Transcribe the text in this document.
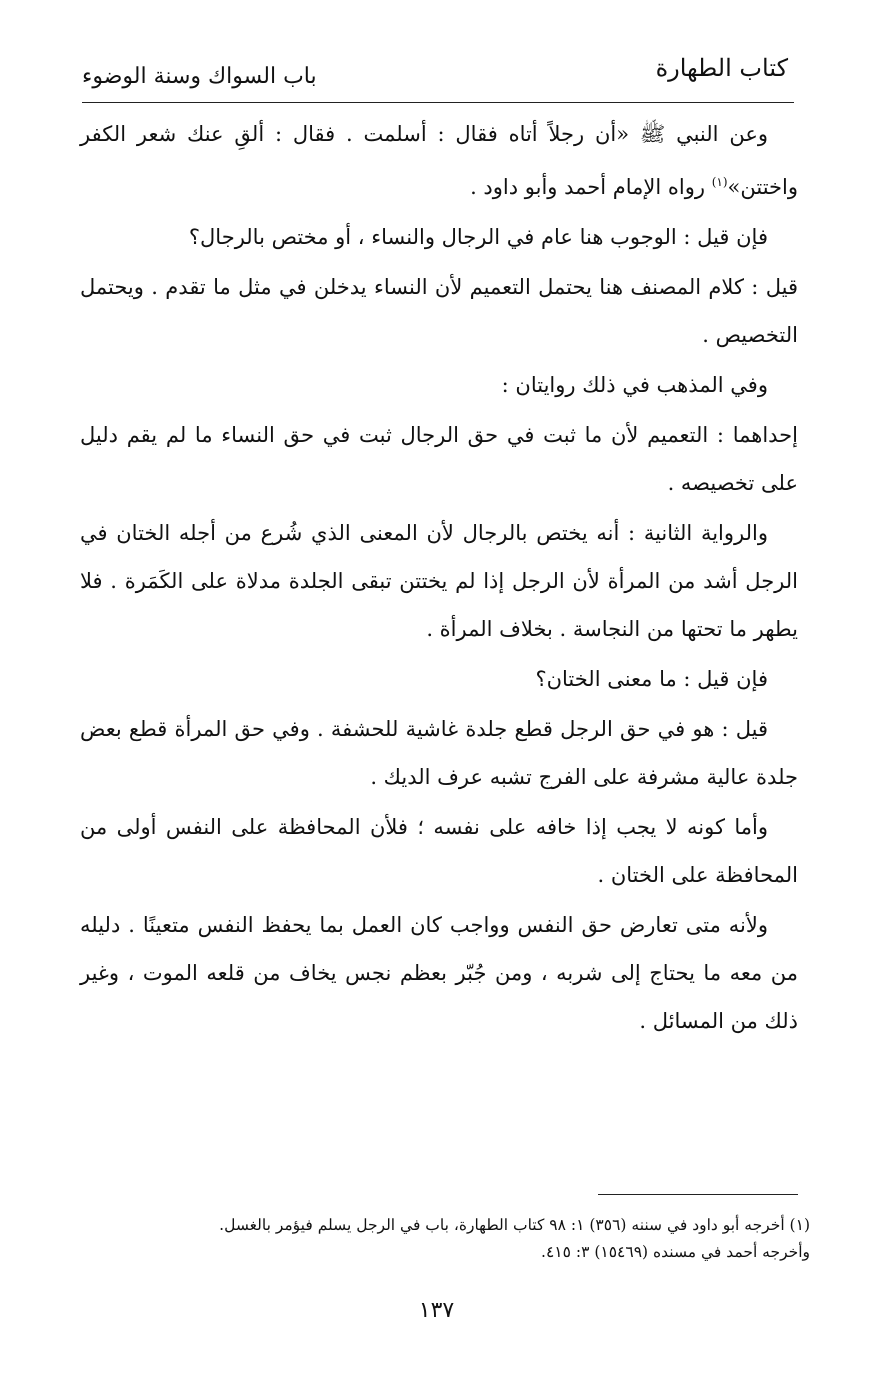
كتاب الطهارة
باب السواك وسنة الوضوء

وعن النبي ﷺ «أن رجلاً أتاه فقال : أسلمت . فقال : ألقِ عنك شعر الكفر واختتن»$^{(١)}$ رواه الإمام أحمد وأبو داود .

فإن قيل : الوجوب هنا عام في الرجال والنساء ، أو مختص بالرجال؟

قيل : كلام المصنف هنا يحتمل التعميم لأن النساء يدخلن في مثل ما تقدم . ويحتمل التخصيص .

وفي المذهب في ذلك روايتان :

إحداهما : التعميم لأن ما ثبت في حق الرجال ثبت في حق النساء ما لم يقم دليل على تخصيصه .

والرواية الثانية : أنه يختص بالرجال لأن المعنى الذي شُرع من أجله الختان في الرجل أشد من المرأة لأن الرجل إذا لم يختتن تبقى الجلدة مدلاة على الكَمَرة . فلا يطهر ما تحتها من النجاسة . بخلاف المرأة .

فإن قيل : ما معنى الختان؟

قيل : هو في حق الرجل قطع جلدة غاشية للحشفة . وفي حق المرأة قطع بعض جلدة عالية مشرفة على الفرج تشبه عرف الديك .

وأما كونه لا يجب إذا خافه على نفسه ؛ فلأن المحافظة على النفس أولى من المحافظة على الختان .

ولأنه متى تعارض حق النفس وواجب كان العمل بما يحفظ النفس متعينًا . دليله من معه ما يحتاج إلى شربه ، ومن جُبّر بعظم نجس يخاف من قلعه الموت ، وغير ذلك من المسائل .

(١) أخرجه أبو داود في سننه (٣٥٦) ١: ٩٨ كتاب الطهارة، باب في الرجل يسلم فيؤمر بالغسل.

وأخرجه أحمد في مسنده (١٥٤٦٩) ٣: ٤١٥.

١٣٧
